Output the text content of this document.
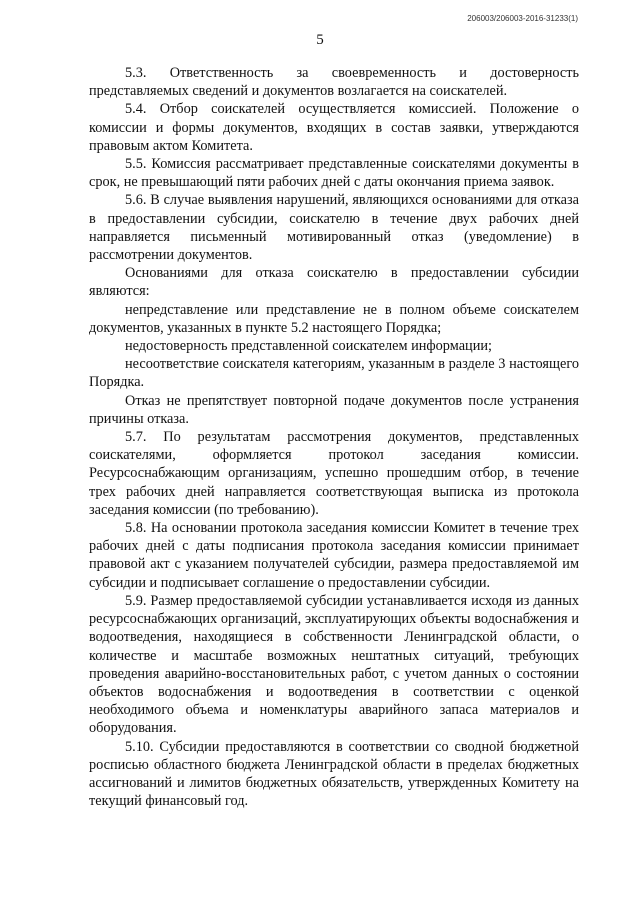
206003/206003-2016-31233(1)
5

5.3. Ответственность за своевременность и достоверность представляемых сведений и документов возлагается на соискателей.

5.4. Отбор соискателей осуществляется комиссией. Положение о комиссии и формы документов, входящих в состав заявки, утверждаются правовым актом Комитета.

5.5. Комиссия рассматривает представленные соискателями документы в срок, не превышающий пяти рабочих дней с даты окончания приема заявок.

5.6. В случае выявления нарушений, являющихся основаниями для отказа в предоставлении субсидии, соискателю в течение двух рабочих дней направляется письменный мотивированный отказ (уведомление) в рассмотрении документов.

Основаниями для отказа соискателю в предоставлении субсидии являются:

непредставление или представление не в полном объеме соискателем документов, указанных в пункте 5.2 настоящего Порядка;

недостоверность представленной соискателем информации;

несоответствие соискателя категориям, указанным в разделе 3 настоящего Порядка.

Отказ не препятствует повторной подаче документов после устранения причины отказа.

5.7. По результатам рассмотрения документов, представленных соискателями, оформляется протокол заседания комиссии. Ресурсоснабжающим организациям, успешно прошедшим отбор, в течение трех рабочих дней направляется соответствующая выписка из протокола заседания комиссии (по требованию).

5.8. На основании протокола заседания комиссии Комитет в течение трех рабочих дней с даты подписания протокола заседания комиссии принимает правовой акт с указанием получателей субсидии, размера предоставляемой им субсидии и подписывает соглашение о предоставлении субсидии.

5.9. Размер предоставляемой субсидии устанавливается исходя из данных ресурсоснабжающих организаций, эксплуатирующих объекты водоснабжения и водоотведения, находящиеся в собственности Ленинградской области, о количестве и масштабе возможных нештатных ситуаций, требующих проведения аварийно-восстановительных работ, с учетом данных о состоянии объектов водоснабжения и водоотведения в соответствии с оценкой необходимого объема и номенклатуры аварийного запаса материалов и оборудования.

5.10. Субсидии предоставляются в соответствии со сводной бюджетной росписью областного бюджета Ленинградской области в пределах бюджетных ассигнований и лимитов бюджетных обязательств, утвержденных Комитету на текущий финансовый год.
